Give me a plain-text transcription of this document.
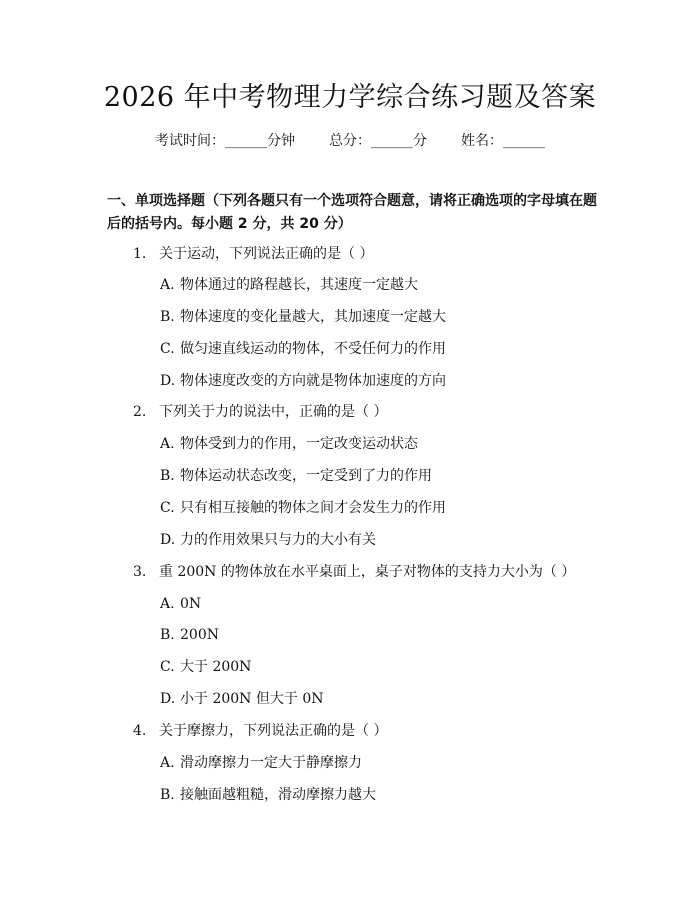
2026 年中考物理力学综合练习题及答案
考试时间：______分钟 总分：______分 姓名：______
一、单项选择题（下列各题只有一个选项符合题意，请将正确选项的字母填在题后的括号内。每小题 2 分，共 20 分）
1. 关于运动，下列说法正确的是（ ）
A. 物体通过的路程越长，其速度一定越大
B. 物体速度的变化量越大，其加速度一定越大
C. 做匀速直线运动的物体，不受任何力的作用
D. 物体速度改变的方向就是物体加速度的方向
2. 下列关于力的说法中，正确的是（ ）
A. 物体受到力的作用，一定改变运动状态
B. 物体运动状态改变，一定受到了力的作用
C. 只有相互接触的物体之间才会发生力的作用
D. 力的作用效果只与力的大小有关
3. 重 200N 的物体放在水平桌面上，桌子对物体的支持力大小为（ ）
A. 0N
B. 200N
C. 大于 200N
D. 小于 200N 但大于 0N
4. 关于摩擦力，下列说法正确的是（ ）
A. 滑动摩擦力一定大于静摩擦力
B. 接触面越粗糙，滑动摩擦力越大
